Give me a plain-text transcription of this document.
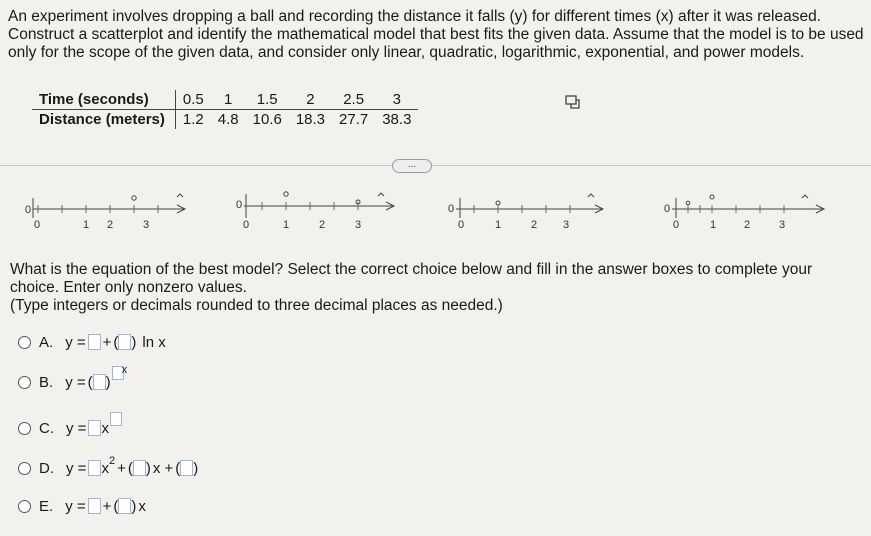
An experiment involves dropping a ball and recording the distance it falls (y) for different times (x) after it was released. Construct a scatterplot and identify the mathematical model that best fits the given data. Assume that the model is to be used only for the scope of the given data, and consider only linear, quadratic, logarithmic, exponential, and power models.
Time (seconds)	0.5	1	1.5	2	2.5	3
Distance (meters)	1.2	4.8	10.6	18.3	27.7	38.3
...
0
0	1 2	3
0
0	1	2	3
0
0	1	2 3
0
0	1	2	3
What is the equation of the best model? Select the correct choice below and fill in the answer boxes to complete your choice. Enter only nonzero values.
(Type integers or decimals rounded to three decimal places as needed.)
A. y = + ( ) ln x
B. y = ( )
x
C. y = x
D. y = x 2 + ( ) x + ( )
E. y = + ( ) x
